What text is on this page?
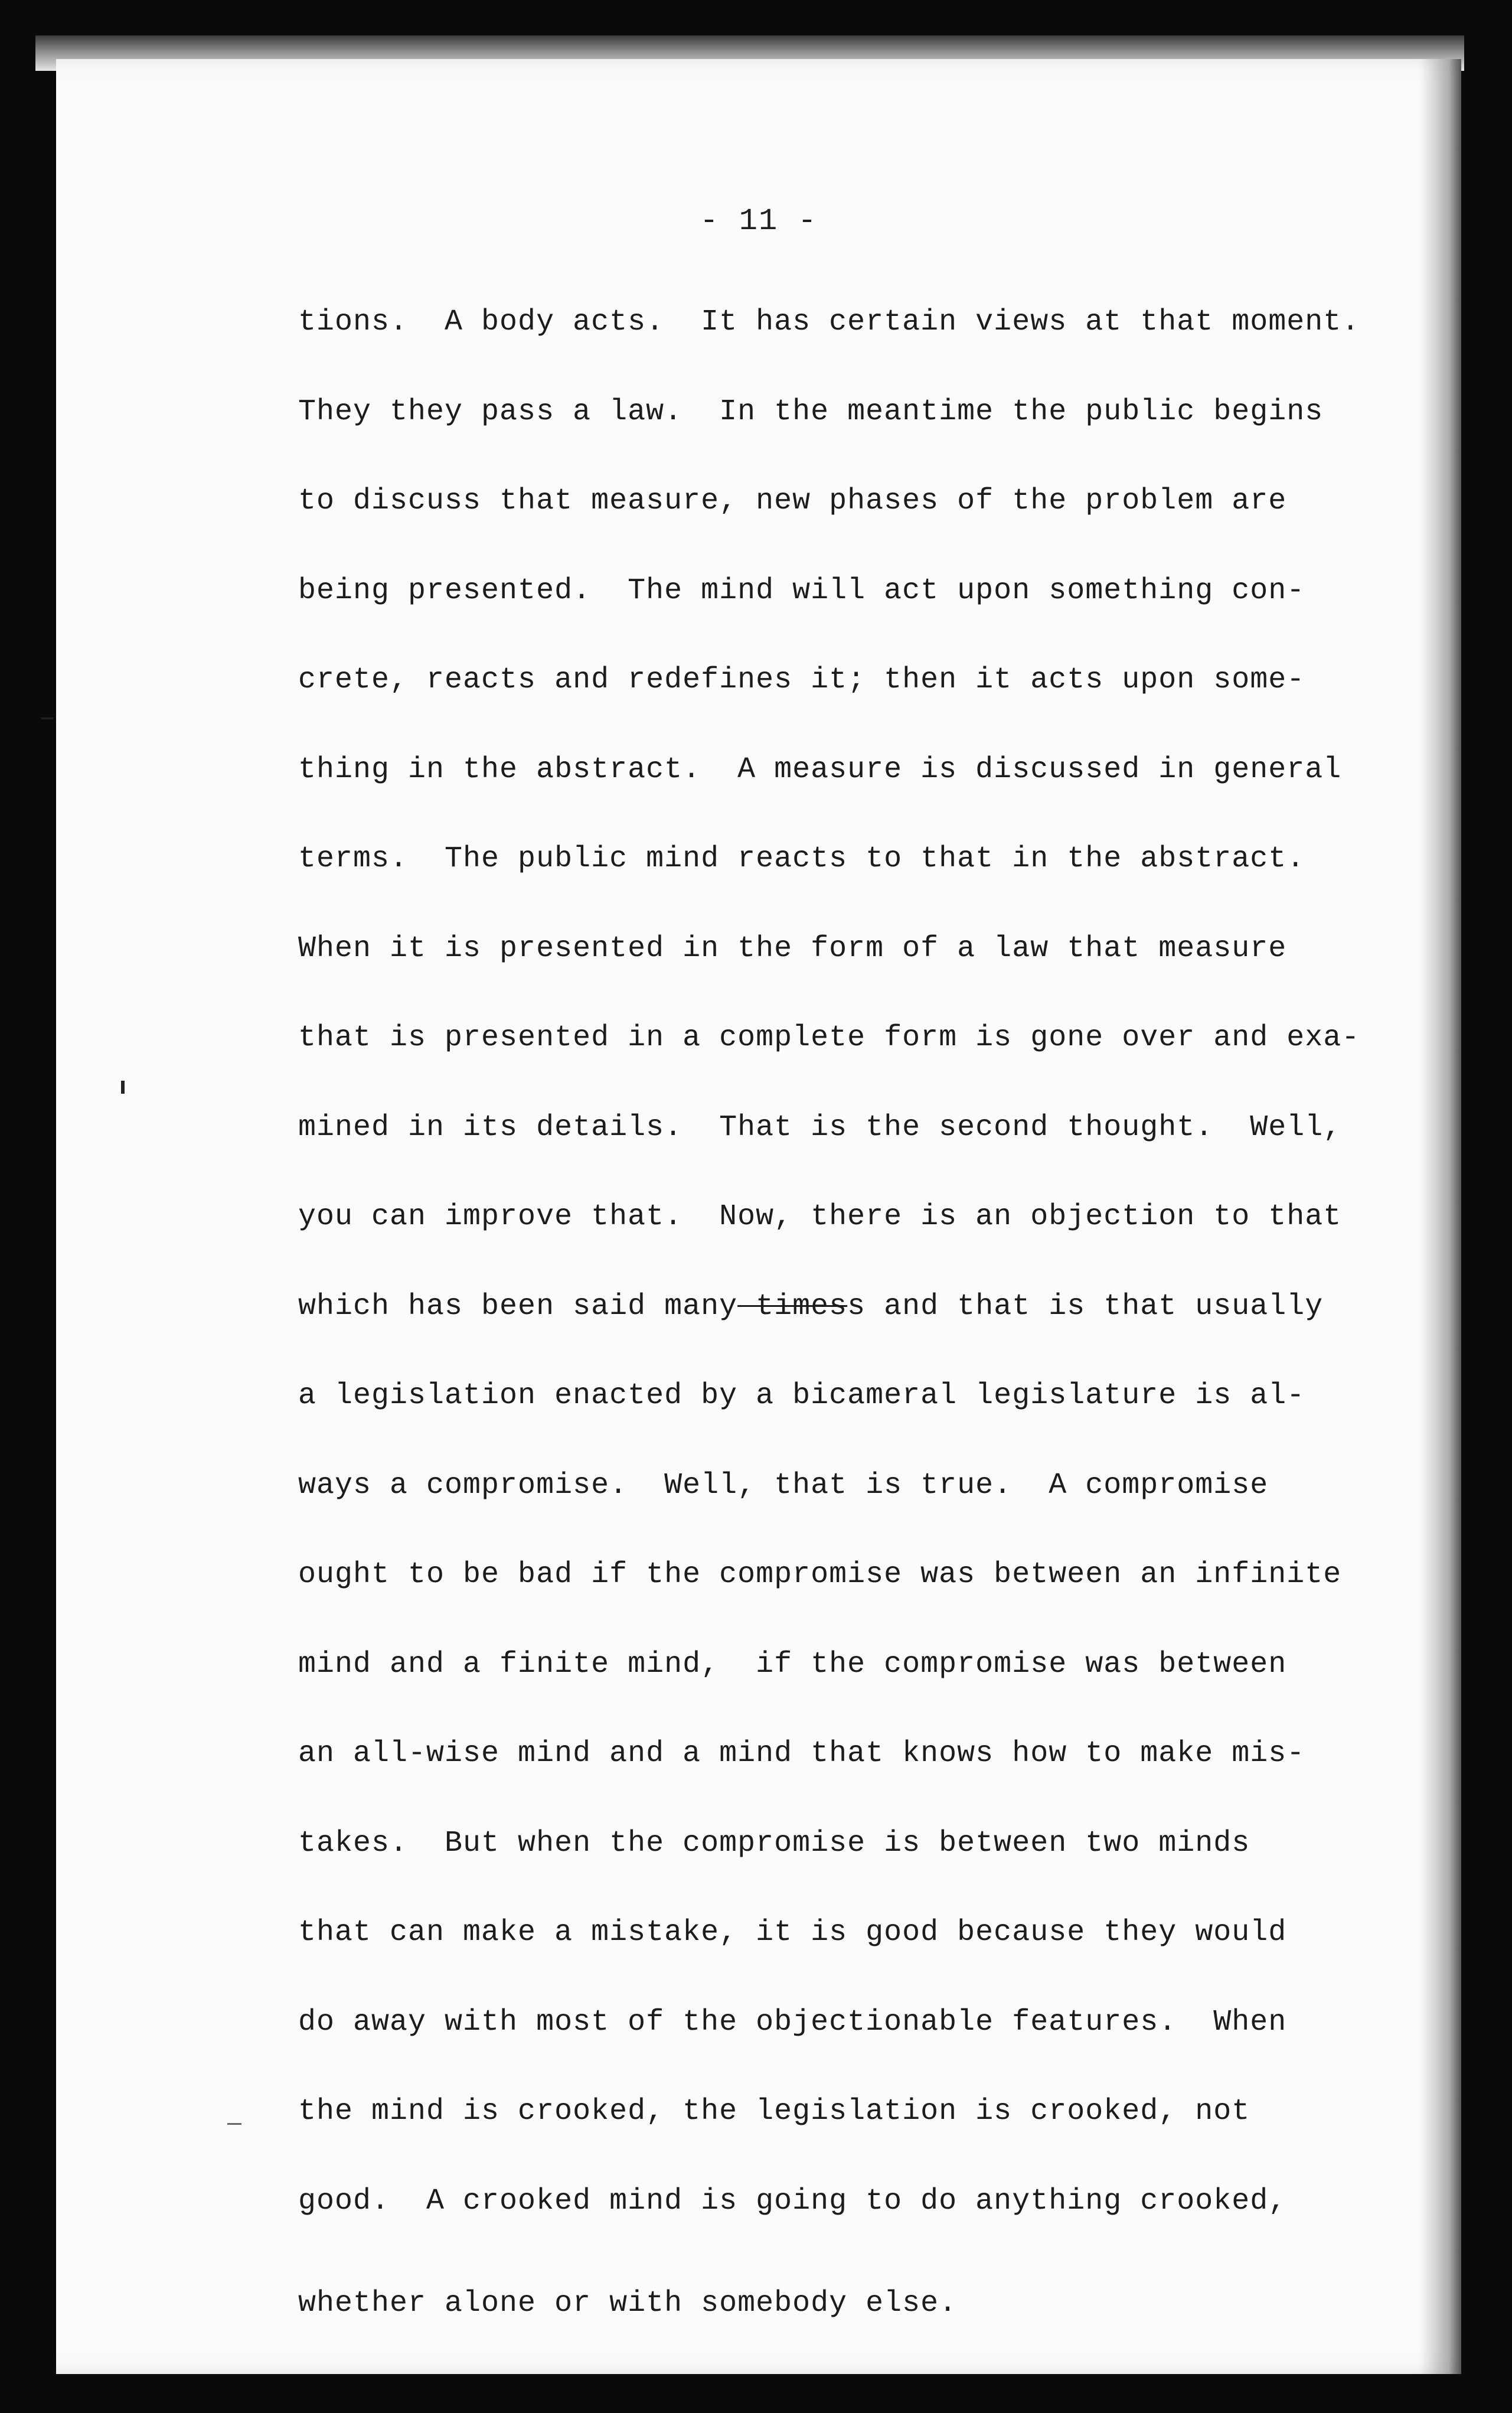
- 11 -
tions.  A body acts.  It has certain views at that moment.
They they pass a law.  In the meantime the public begins
to discuss that measure, new phases of the problem are
being presented.  The mind will act upon something con-
crete, reacts and redefines it; then it acts upon some-
thing in the abstract.  A measure is discussed in general
terms.  The public mind reacts to that in the abstract.
When it is presented in the form of a law that measure
that is presented in a complete form is gone over and exa-
mined in its details.  That is the second thought.  Well,
you can improve that.  Now, there is an objection to that
which has been said many timess and that is that usually
a legislation enacted by a bicameral legislature is al-
ways a compromise.  Well, that is true.  A compromise
ought to be bad if the compromise was between an infinite
mind and a finite mind,  if the compromise was between
an all-wise mind and a mind that knows how to make mis-
takes.  But when the compromise is between two minds
that can make a mistake, it is good because they would
do away with most of the objectionable features.  When
the mind is crooked, the legislation is crooked, not
good.  A crooked mind is going to do anything crooked,
whether alone or with somebody else.
